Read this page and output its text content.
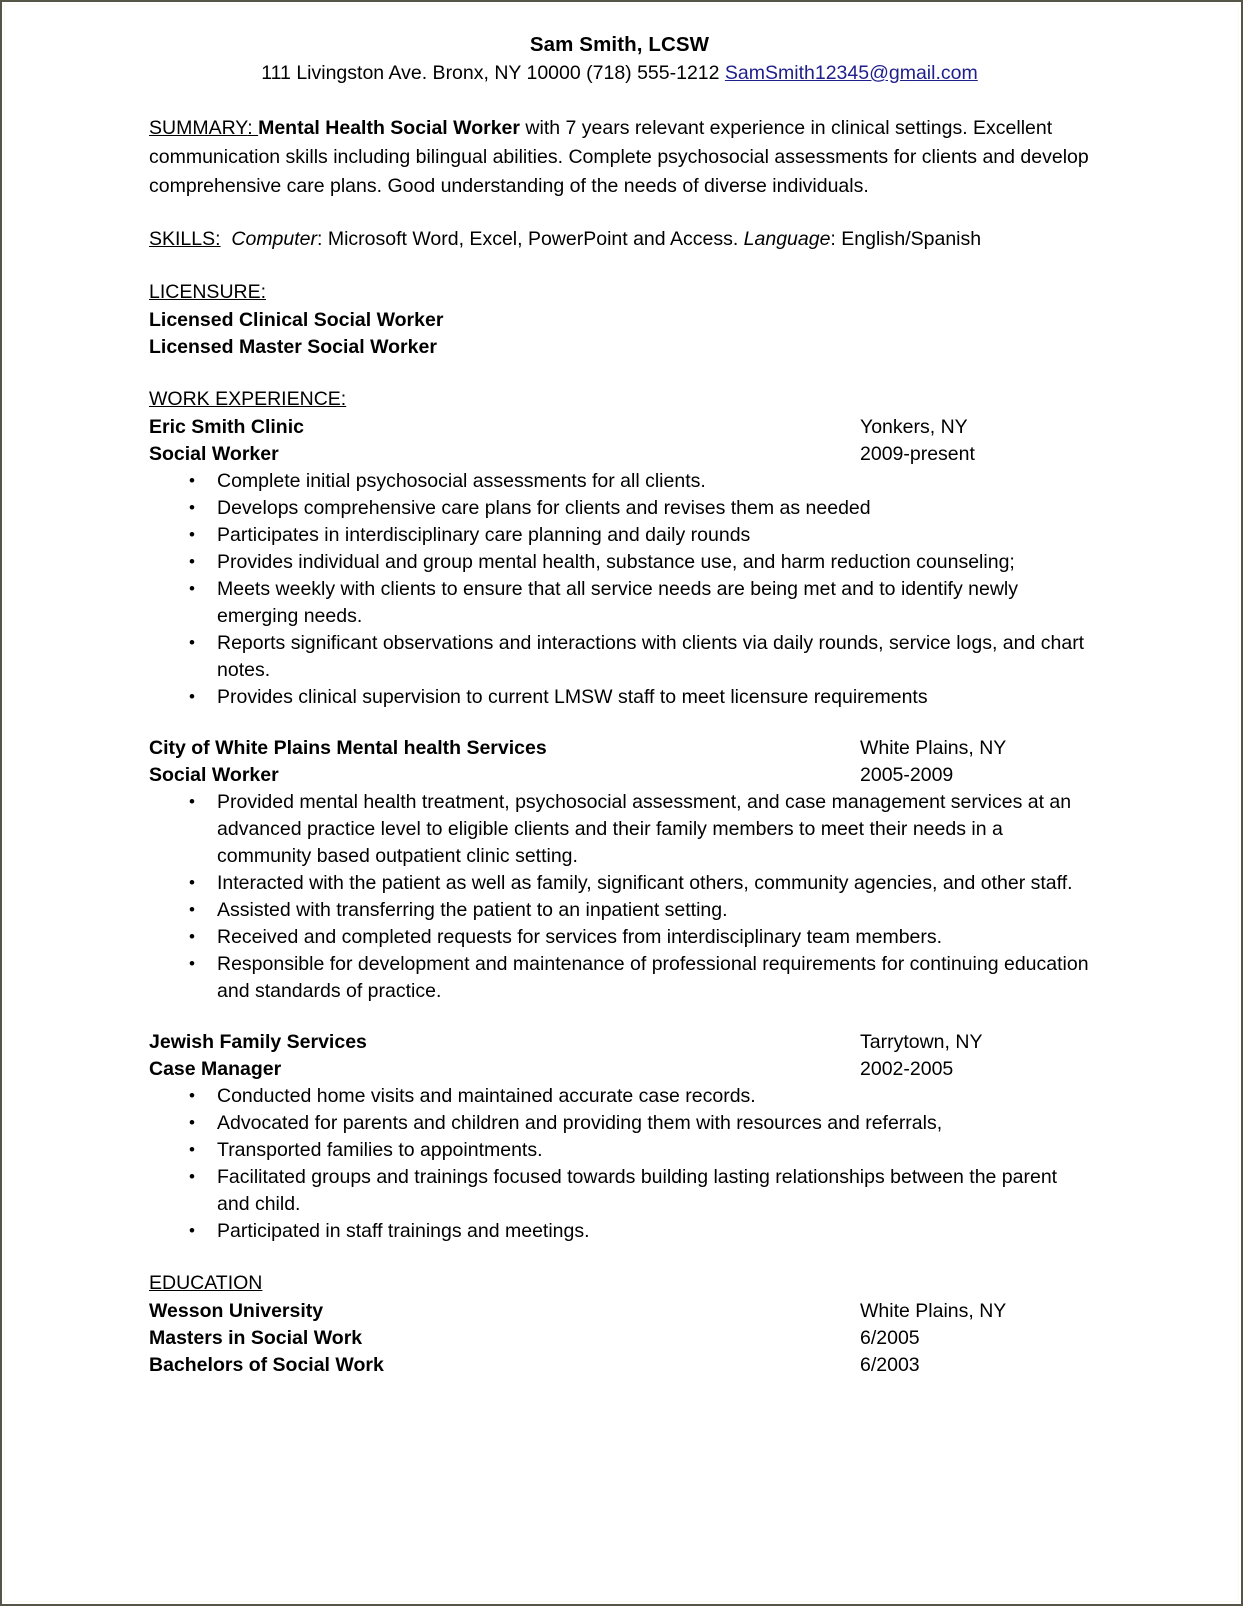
Sam Smith, LCSW
111 Livingston Ave. Bronx, NY 10000 (718) 555-1212 SamSmith12345@gmail.com
SUMMARY: Mental Health Social Worker with 7 years relevant experience in clinical settings. Excellent communication skills including bilingual abilities. Complete psychosocial assessments for clients and develop comprehensive care plans. Good understanding of the needs of diverse individuals.
SKILLS: Computer: Microsoft Word, Excel, PowerPoint and Access. Language: English/Spanish
LICENSURE:
Licensed Clinical Social Worker
Licensed Master Social Worker
WORK EXPERIENCE:
Eric Smith Clinic	Yonkers, NY
Social Worker	2009-present
• Complete initial psychosocial assessments for all clients.
• Develops comprehensive care plans for clients and revises them as needed
• Participates in interdisciplinary care planning and daily rounds
• Provides individual and group mental health, substance use, and harm reduction counseling;
• Meets weekly with clients to ensure that all service needs are being met and to identify newly emerging needs.
• Reports significant observations and interactions with clients via daily rounds, service logs, and chart notes.
• Provides clinical supervision to current LMSW staff to meet licensure requirements
City of White Plains Mental health Services	White Plains, NY
Social Worker	2005-2009
• Provided mental health treatment, psychosocial assessment, and case management services at an advanced practice level to eligible clients and their family members to meet their needs in a community based outpatient clinic setting.
• Interacted with the patient as well as family, significant others, community agencies, and other staff.
• Assisted with transferring the patient to an inpatient setting.
• Received and completed requests for services from interdisciplinary team members.
• Responsible for development and maintenance of professional requirements for continuing education and standards of practice.
Jewish Family Services	Tarrytown, NY
Case Manager	2002-2005
• Conducted home visits and maintained accurate case records.
• Advocated for parents and children and providing them with resources and referrals,
• Transported families to appointments.
• Facilitated groups and trainings focused towards building lasting relationships between the parent and child.
• Participated in staff trainings and meetings.
EDUCATION
Wesson University	White Plains, NY
Masters in Social Work	6/2005
Bachelors of Social Work	6/2003
